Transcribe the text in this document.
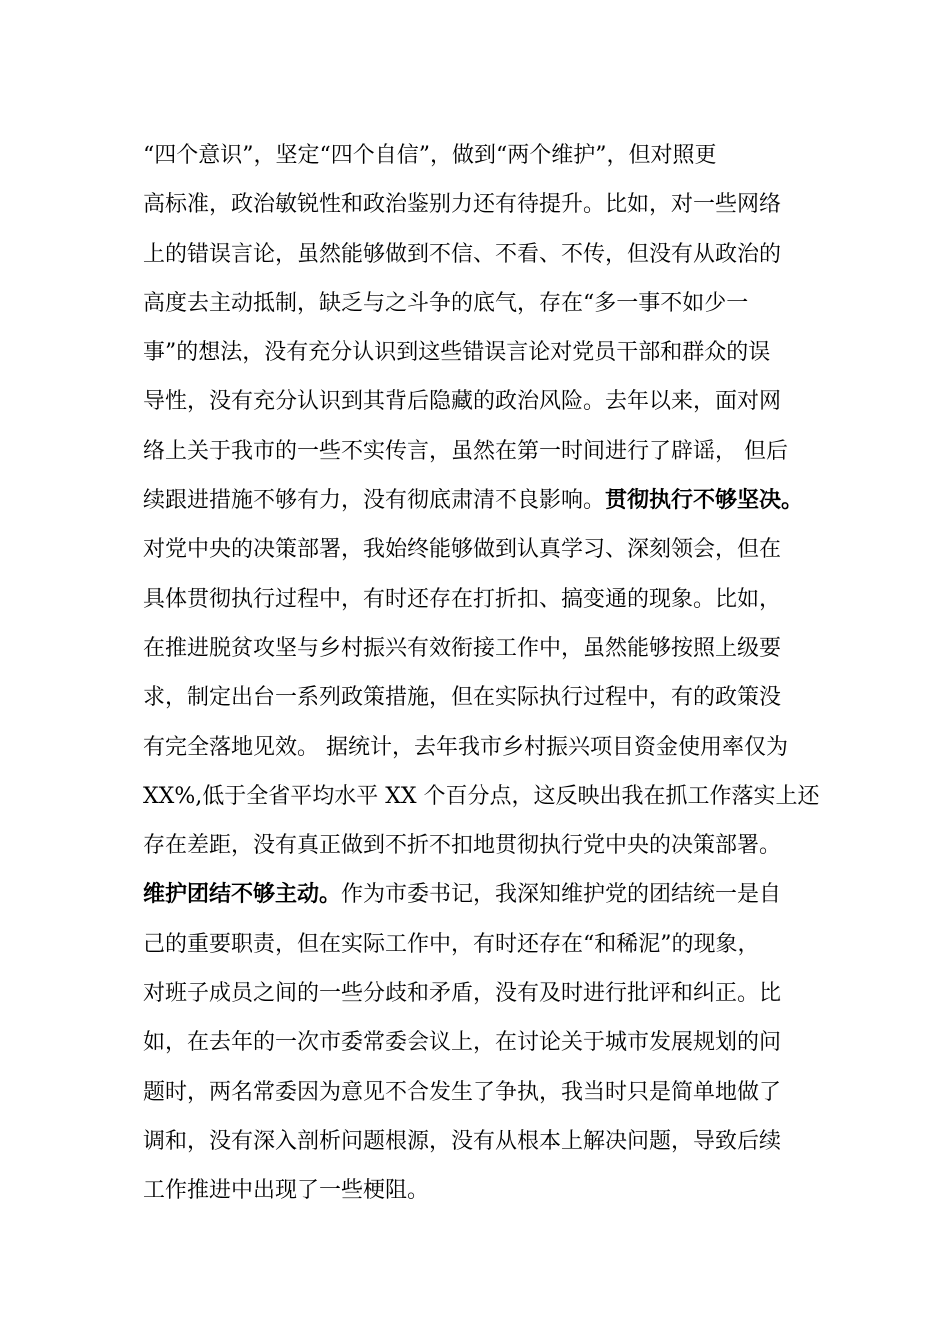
“四个意识”，坚定“四个自信”，做到“两个维护”，但对照更
高标准，政治敏锐性和政治鉴别力还有待提升。比如，对一些网络
上的错误言论，虽然能够做到不信、不看、不传，但没有从政治的
高度去主动抵制，缺乏与之斗争的底气，存在“多一事不如少一
事”的想法，没有充分认识到这些错误言论对党员干部和群众的误
导性，没有充分认识到其背后隐藏的政治风险。去年以来，面对网
络上关于我市的一些不实传言，虽然在第一时间进行了辟谣， 但后
续跟进措施不够有力，没有彻底肃清不良影响。贯彻执行不够坚决。
对党中央的决策部署，我始终能够做到认真学习、深刻领会，但在
具体贯彻执行过程中，有时还存在打折扣、搞变通的现象。比如，
在推进脱贫攻坚与乡村振兴有效衔接工作中，虽然能够按照上级要
求，制定出台一系列政策措施，但在实际执行过程中，有的政策没
有完全落地见效。 据统计，去年我市乡村振兴项目资金使用率仅为
XX%,低于全省平均水平 XX 个百分点，这反映出我在抓工作落实上还
存在差距，没有真正做到不折不扣地贯彻执行党中央的决策部署。
维护团结不够主动。作为市委书记，我深知维护党的团结统一是自
己的重要职责，但在实际工作中，有时还存在“和稀泥”的现象，
对班子成员之间的一些分歧和矛盾，没有及时进行批评和纠正。比
如，在去年的一次市委常委会议上，在讨论关于城市发展规划的问
题时，两名常委因为意见不合发生了争执，我当时只是简单地做了
调和，没有深入剖析问题根源，没有从根本上解决问题，导致后续
工作推进中出现了一些梗阻。
